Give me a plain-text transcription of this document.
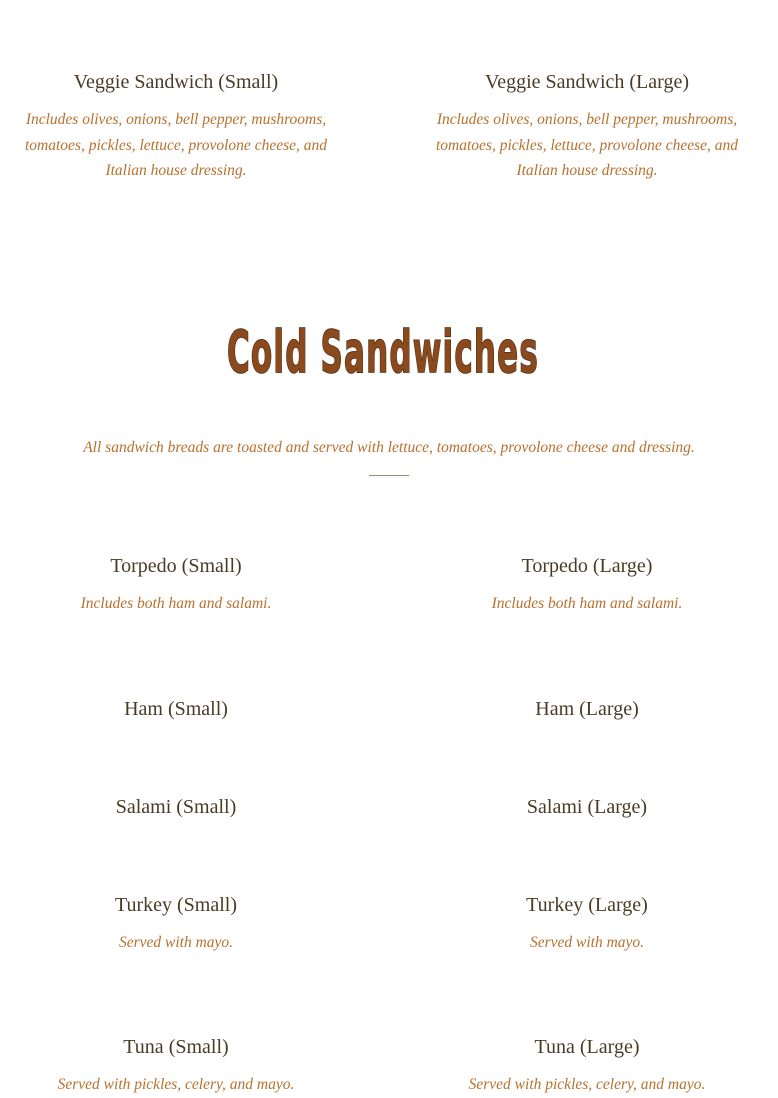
Veggie Sandwich (Small)

Includes olives, onions, bell pepper, mushrooms, tomatoes, pickles, lettuce, provolone cheese, and Italian house dressing.

Veggie Sandwich (Large)

Includes olives, onions, bell pepper, mushrooms, tomatoes, pickles, lettuce, provolone cheese, and Italian house dressing.

Cold Sandwiches

All sandwich breads are toasted and served with lettuce, tomatoes, provolone cheese and dressing.

Torpedo (Small)

Includes both ham and salami.

Torpedo (Large)

Includes both ham and salami.

Ham (Small)	Ham (Large)
Salami (Small)	Salami (Large)
Turkey (Small)

Served with mayo.

Turkey (Large)

Served with mayo.

Tuna (Small)

Served with pickles, celery, and mayo.

Tuna (Large)

Served with pickles, celery, and mayo.
